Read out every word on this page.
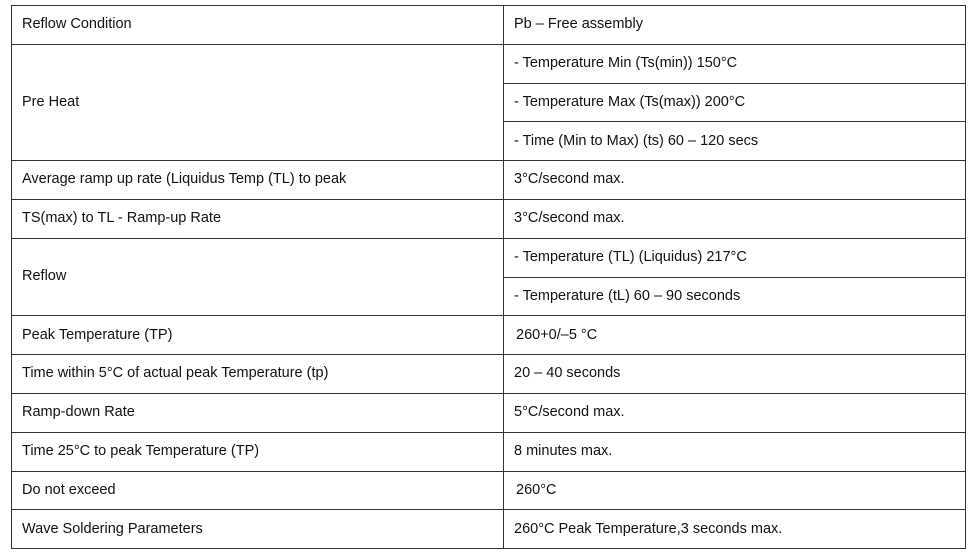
Reflow Condition	Pb – Free assembly
Pre Heat	- Temperature Min (Ts(min)) 150°C
	- Temperature Max (Ts(max)) 200°C
	- Time (Min to Max) (ts) 60 – 120 secs
Average ramp up rate (Liquidus Temp (TL) to peak	3°C/second max.
TS(max) to TL - Ramp-up Rate	3°C/second max.
Reflow	- Temperature (TL) (Liquidus) 217°C
	- Temperature (tL) 60 – 90 seconds
Peak Temperature (TP)	260+0/–5 °C
Time within 5°C of actual peak Temperature (tp)	20 – 40 seconds
Ramp-down Rate	5°C/second max.
Time 25°C to peak Temperature (TP)	8 minutes max.
Do not exceed	260°C
Wave Soldering Parameters	260°C Peak Temperature,3 seconds max.
